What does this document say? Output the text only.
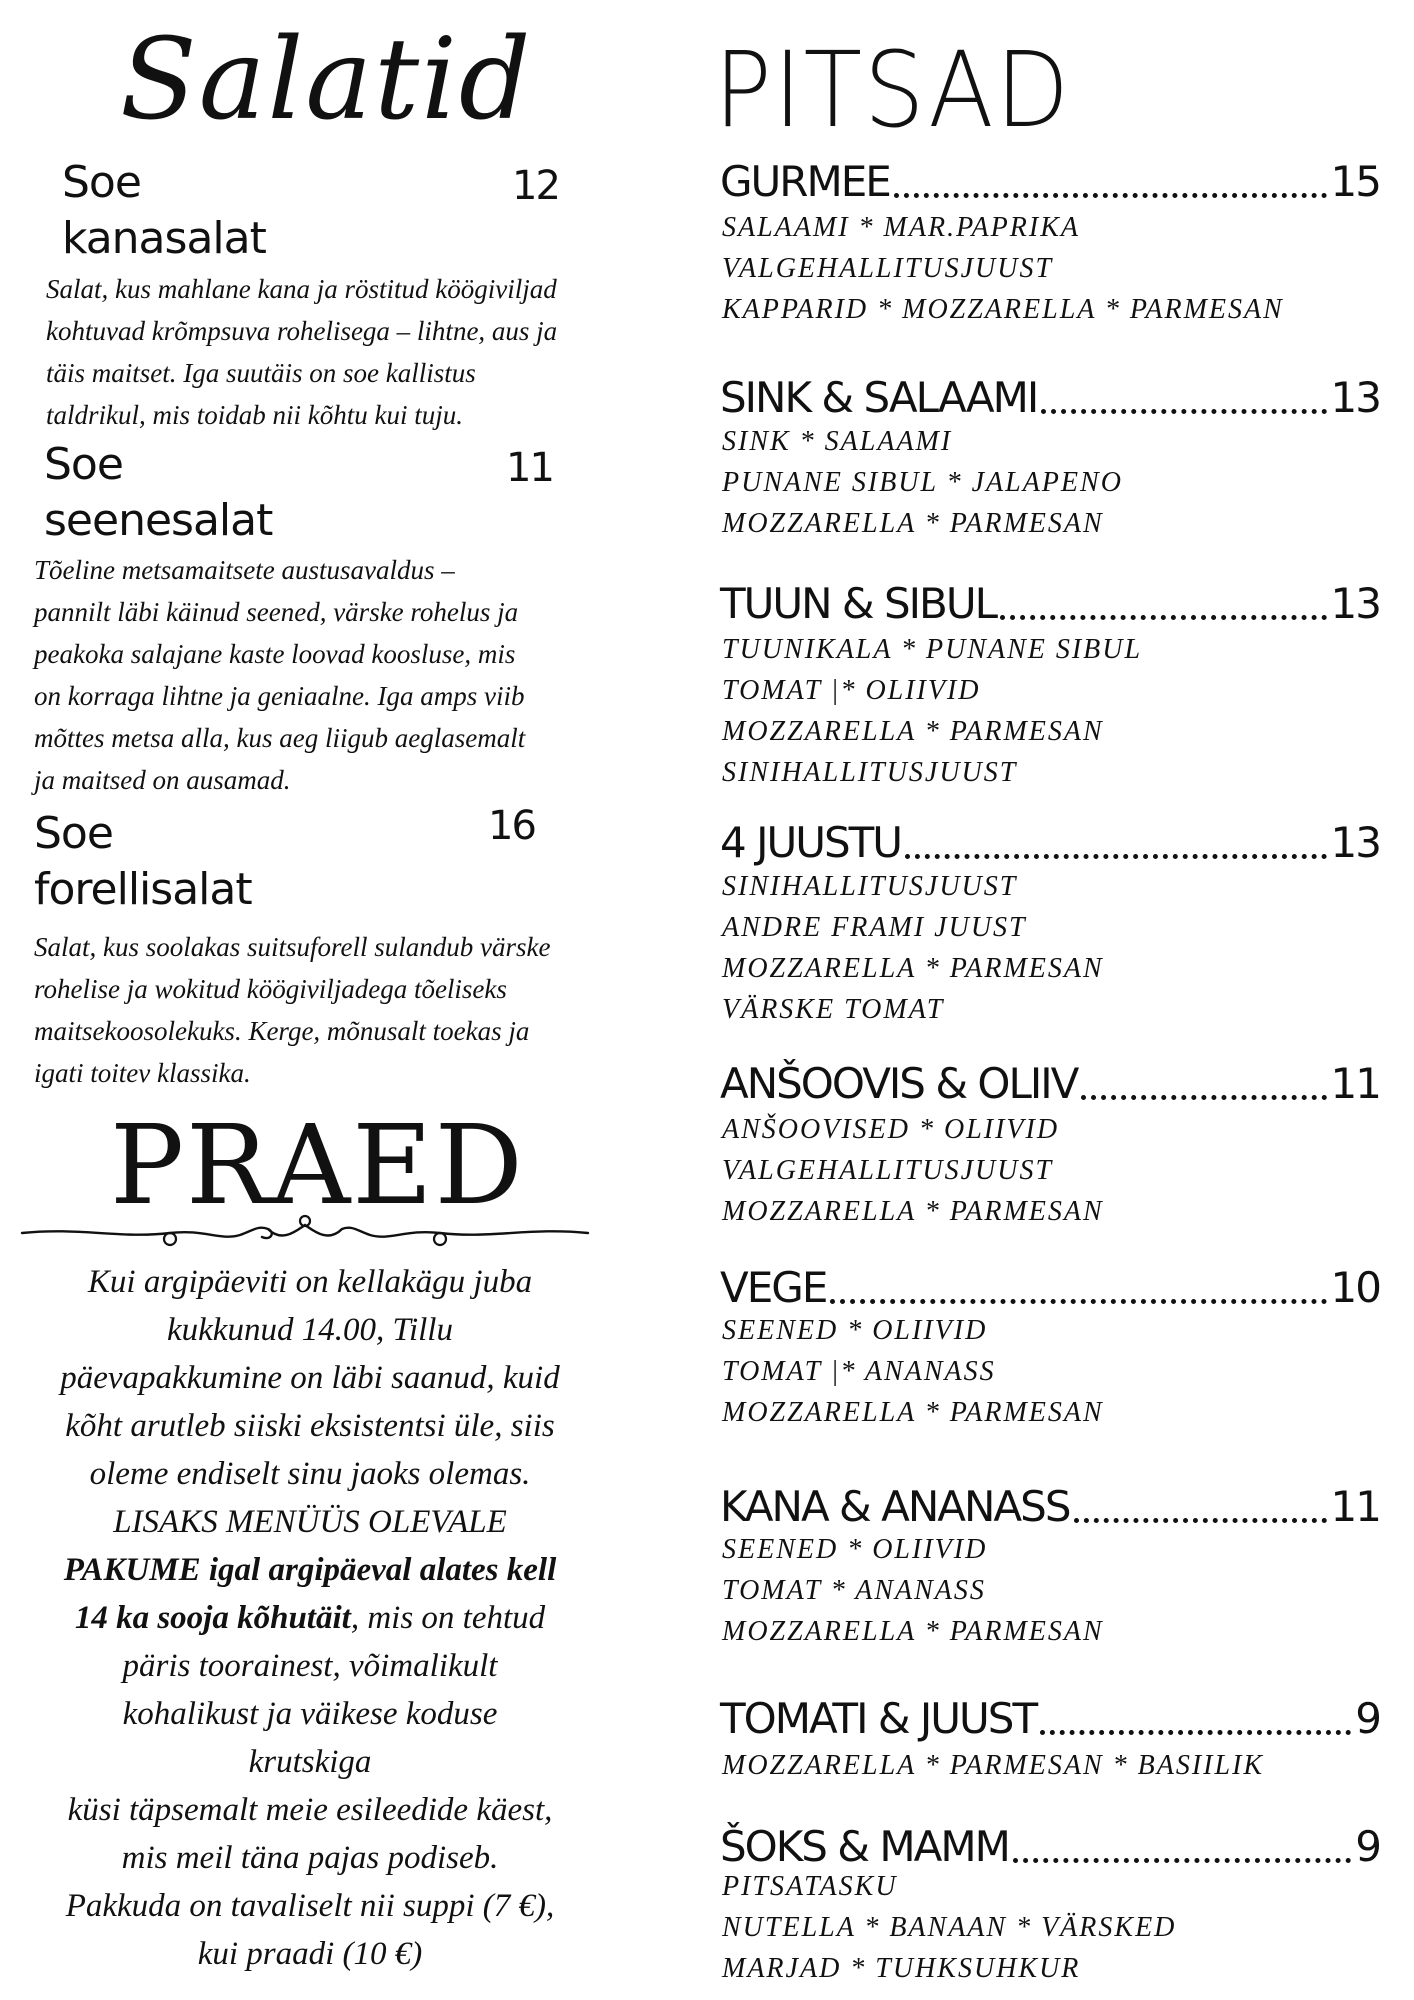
Salatid
Soe
kanasalat
12
Salat, kus mahlane kana ja röstitud köögiviljad
kohtuvad krõmpsuva rohelisega – lihtne, aus ja
täis maitset. Iga suutäis on soe kallistus
taldrikul, mis toidab nii kõhtu kui tuju.
Soe
seenesalat
11
Tõeline metsamaitsete austusavaldus –
pannilt läbi käinud seened, värske rohelus ja
peakoka salajane kaste loovad koosluse, mis
on korraga lihtne ja geniaalne. Iga amps viib
mõttes metsa alla, kus aeg liigub aeglasemalt
ja maitsed on ausamad.
Soe
forellisalat
16
Salat, kus soolakas suitsuforell sulandub värske
rohelise ja wokitud köögiviljadega tõeliseks
maitsekoosolekuks. Kerge, mõnusalt toekas ja
igati toitev klassika.
PRAED
Kui argipäeviti on kellakägu juba
kukkunud 14.00, Tillu
päevapakkumine on läbi saanud, kuid
kõht arutleb siiski eksistentsi üle, siis
oleme endiselt sinu jaoks olemas.
LISAKS MENÜÜS OLEVALE
PAKUME igal argipäeval alates kell
14 ka sooja kõhutäit, mis on tehtud
päris toorainest, võimalikult
kohalikust ja väikese koduse
krutskiga
küsi täpsemalt meie esileedide käest,
mis meil täna pajas podiseb.
Pakkuda on tavaliselt nii suppi (7 €),
kui praadi (10 €)
PITSAD
GURMEE	15
SALAAMI * MAR.PAPRIKA
VALGEHALLITUSJUUST
KAPPARID * MOZZARELLA * PARMESAN
SINK & SALAAMI	13
SINK * SALAAMI
PUNANE SIBUL * JALAPENO
MOZZARELLA * PARMESAN
TUUN & SIBUL	13
TUUNIKALA * PUNANE SIBUL
TOMAT |* OLIIVID
MOZZARELLA * PARMESAN
SINIHALLITUSJUUST
4 JUUSTU	13
SINIHALLITUSJUUST
ANDRE FRAMI JUUST
MOZZARELLA * PARMESAN
VÄRSKE TOMAT
ANŠOOVIS & OLIIV	11
ANŠOOVISED * OLIIVID
VALGEHALLITUSJUUST
MOZZARELLA * PARMESAN
VEGE	10
SEENED * OLIIVID
TOMAT |* ANANASS
MOZZARELLA * PARMESAN
KANA & ANANASS	11
SEENED * OLIIVID
TOMAT * ANANASS
MOZZARELLA * PARMESAN
TOMATI & JUUST	9
MOZZARELLA * PARMESAN * BASIILIK
ŠOKS & MAMM	9
PITSATASKU
NUTELLA * BANAAN * VÄRSKED
MARJAD * TUHKSUHKUR
